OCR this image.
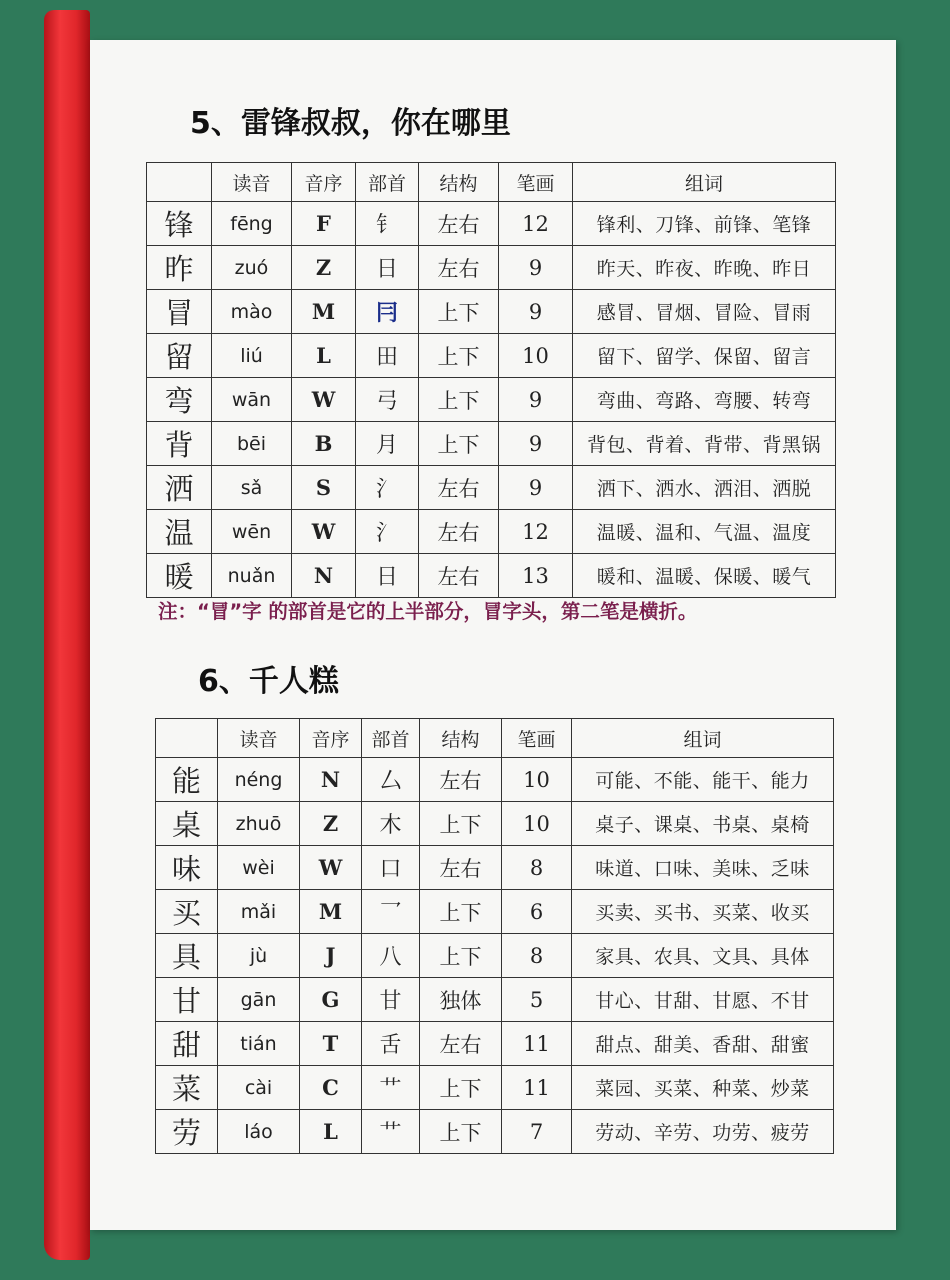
5、雷锋叔叔，你在哪里
	读音	音序	部首	结构	笔画	组词
锋	fēng	F	钅	左右	12	锋利、刀锋、前锋、笔锋
昨	zuó	Z	日	左右	9	昨天、昨夜、昨晚、昨日
冒	mào	M	冃	上下	9	感冒、冒烟、冒险、冒雨
留	liú	L	田	上下	10	留下、留学、保留、留言
弯	wān	W	弓	上下	9	弯曲、弯路、弯腰、转弯
背	bēi	B	月	上下	9	背包、背着、背带、背黑锅
洒	sǎ	S	氵	左右	9	洒下、洒水、洒泪、洒脱
温	wēn	W	氵	左右	12	温暖、温和、气温、温度
暖	nuǎn	N	日	左右	13	暖和、温暖、保暖、暖气

注：“冒”字 的部首是它的上半部分，冒字头，第二笔是横折。

6、千人糕
	读音	音序	部首	结构	笔画	组词
能	néng	N	厶	左右	10	可能、不能、能干、能力
桌	zhuō	Z	木	上下	10	桌子、课桌、书桌、桌椅
味	wèi	W	口	左右	8	味道、口味、美味、乏味
买	mǎi	M	乛	上下	6	买卖、买书、买菜、收买
具	jù	J	八	上下	8	家具、农具、文具、具体
甘	gān	G	甘	独体	5	甘心、甘甜、甘愿、不甘
甜	tián	T	舌	左右	11	甜点、甜美、香甜、甜蜜
菜	cài	C	艹	上下	11	菜园、买菜、种菜、炒菜
劳	láo	L	艹	上下	7	劳动、辛劳、功劳、疲劳
